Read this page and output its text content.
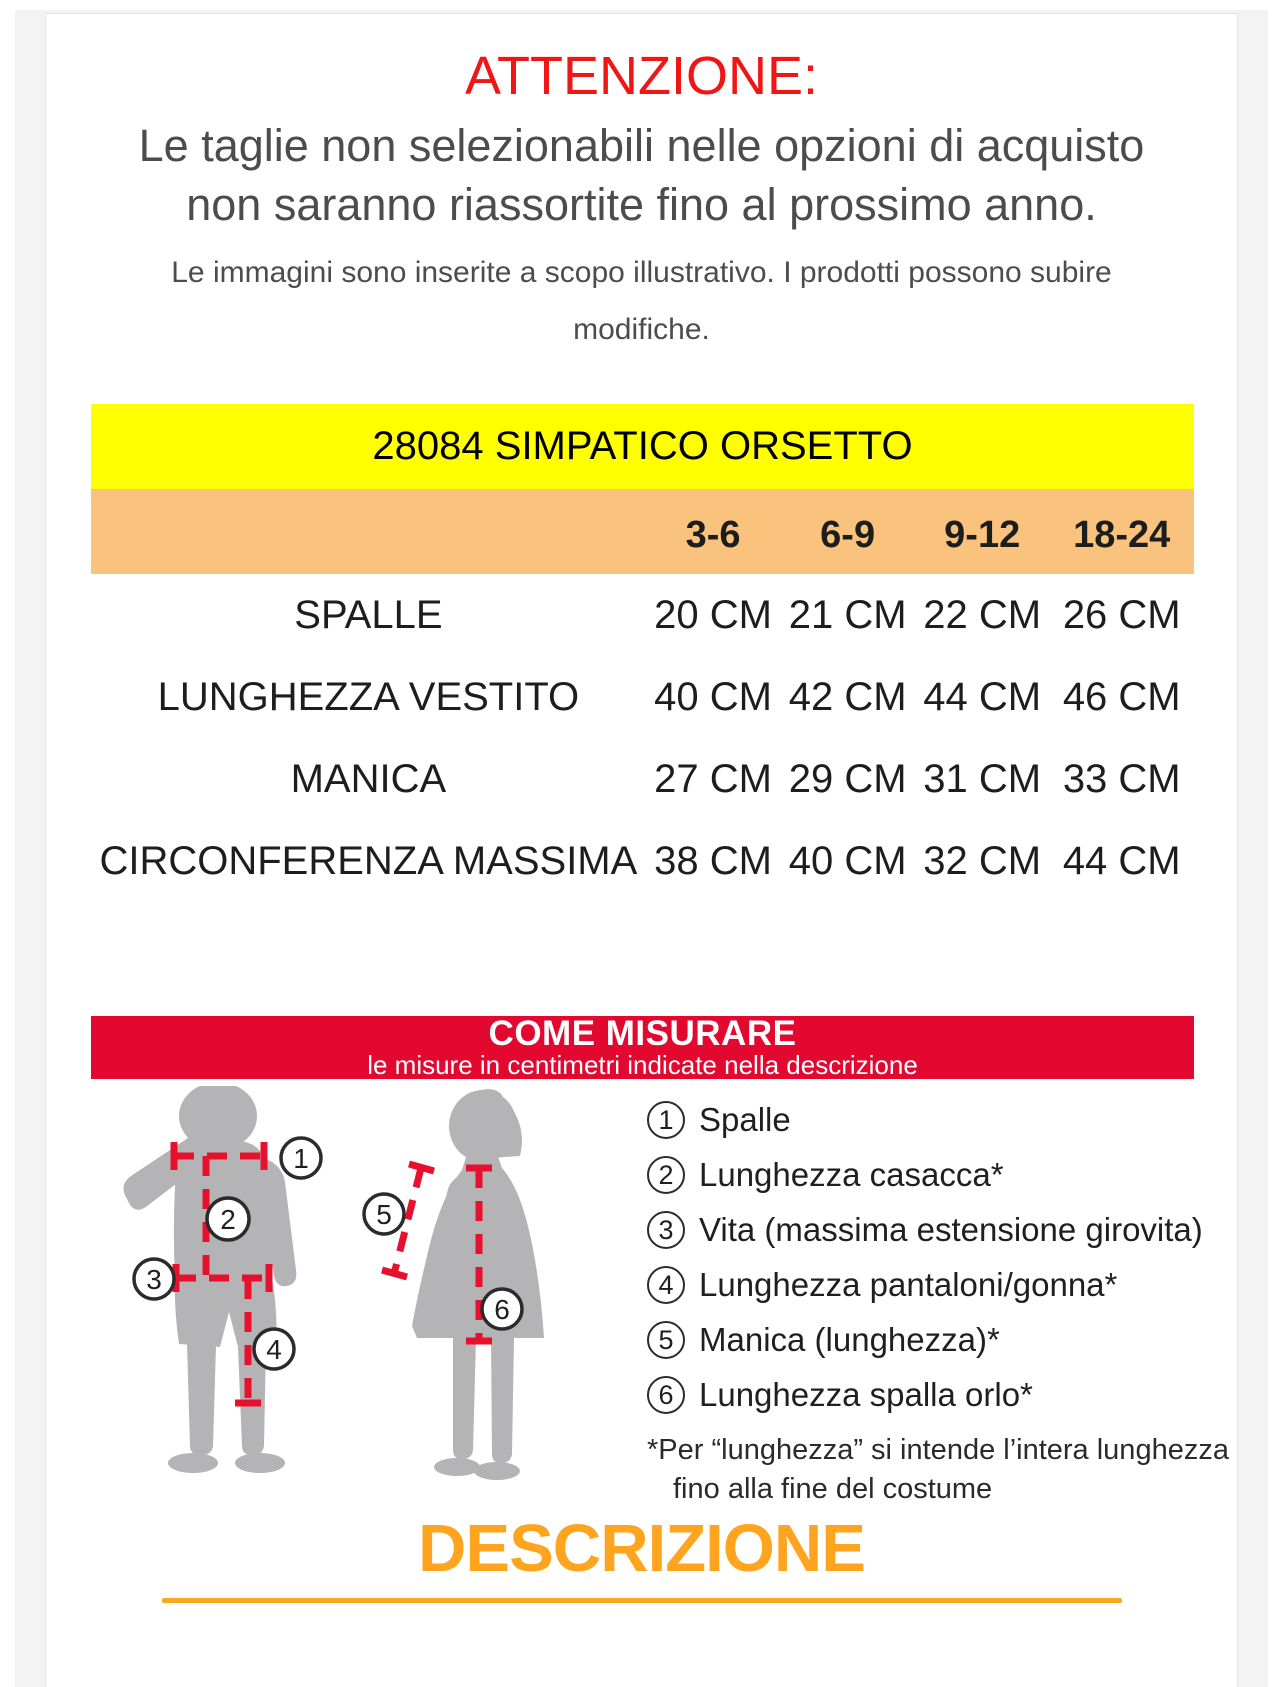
ATTENZIONE:
Le taglie non selezionabili nelle opzioni di acquisto non saranno riassortite fino al prossimo anno.
Le immagini sono inserite a scopo illustrativo. I prodotti possono subire modifiche.
28084 SIMPATICO ORSETTO
3-6	6-9	9-12	18-24
SPALLE	20 CM 21 CM 22 CM 26 CM
LUNGHEZZA VESTITO	40 CM 42 CM 44 CM 46 CM
MANICA	27 CM 29 CM 31 CM 33 CM
CIRCONFERENZA MASSIMA 38 CM 40 CM 32 CM 44 CM
COME MISURARE
le misure in centimetri indicate nella descrizione
1
2
3
4
5
6
1 Spalle
2 Lunghezza casacca*
3 Vita (massima estensione girovita)
4 Lunghezza pantaloni/gonna*
5 Manica (lunghezza)*
6 Lunghezza spalla orlo*
*Per “lunghezza” si intende l’intera lunghezza
fino alla fine del costume
DESCRIZIONE
